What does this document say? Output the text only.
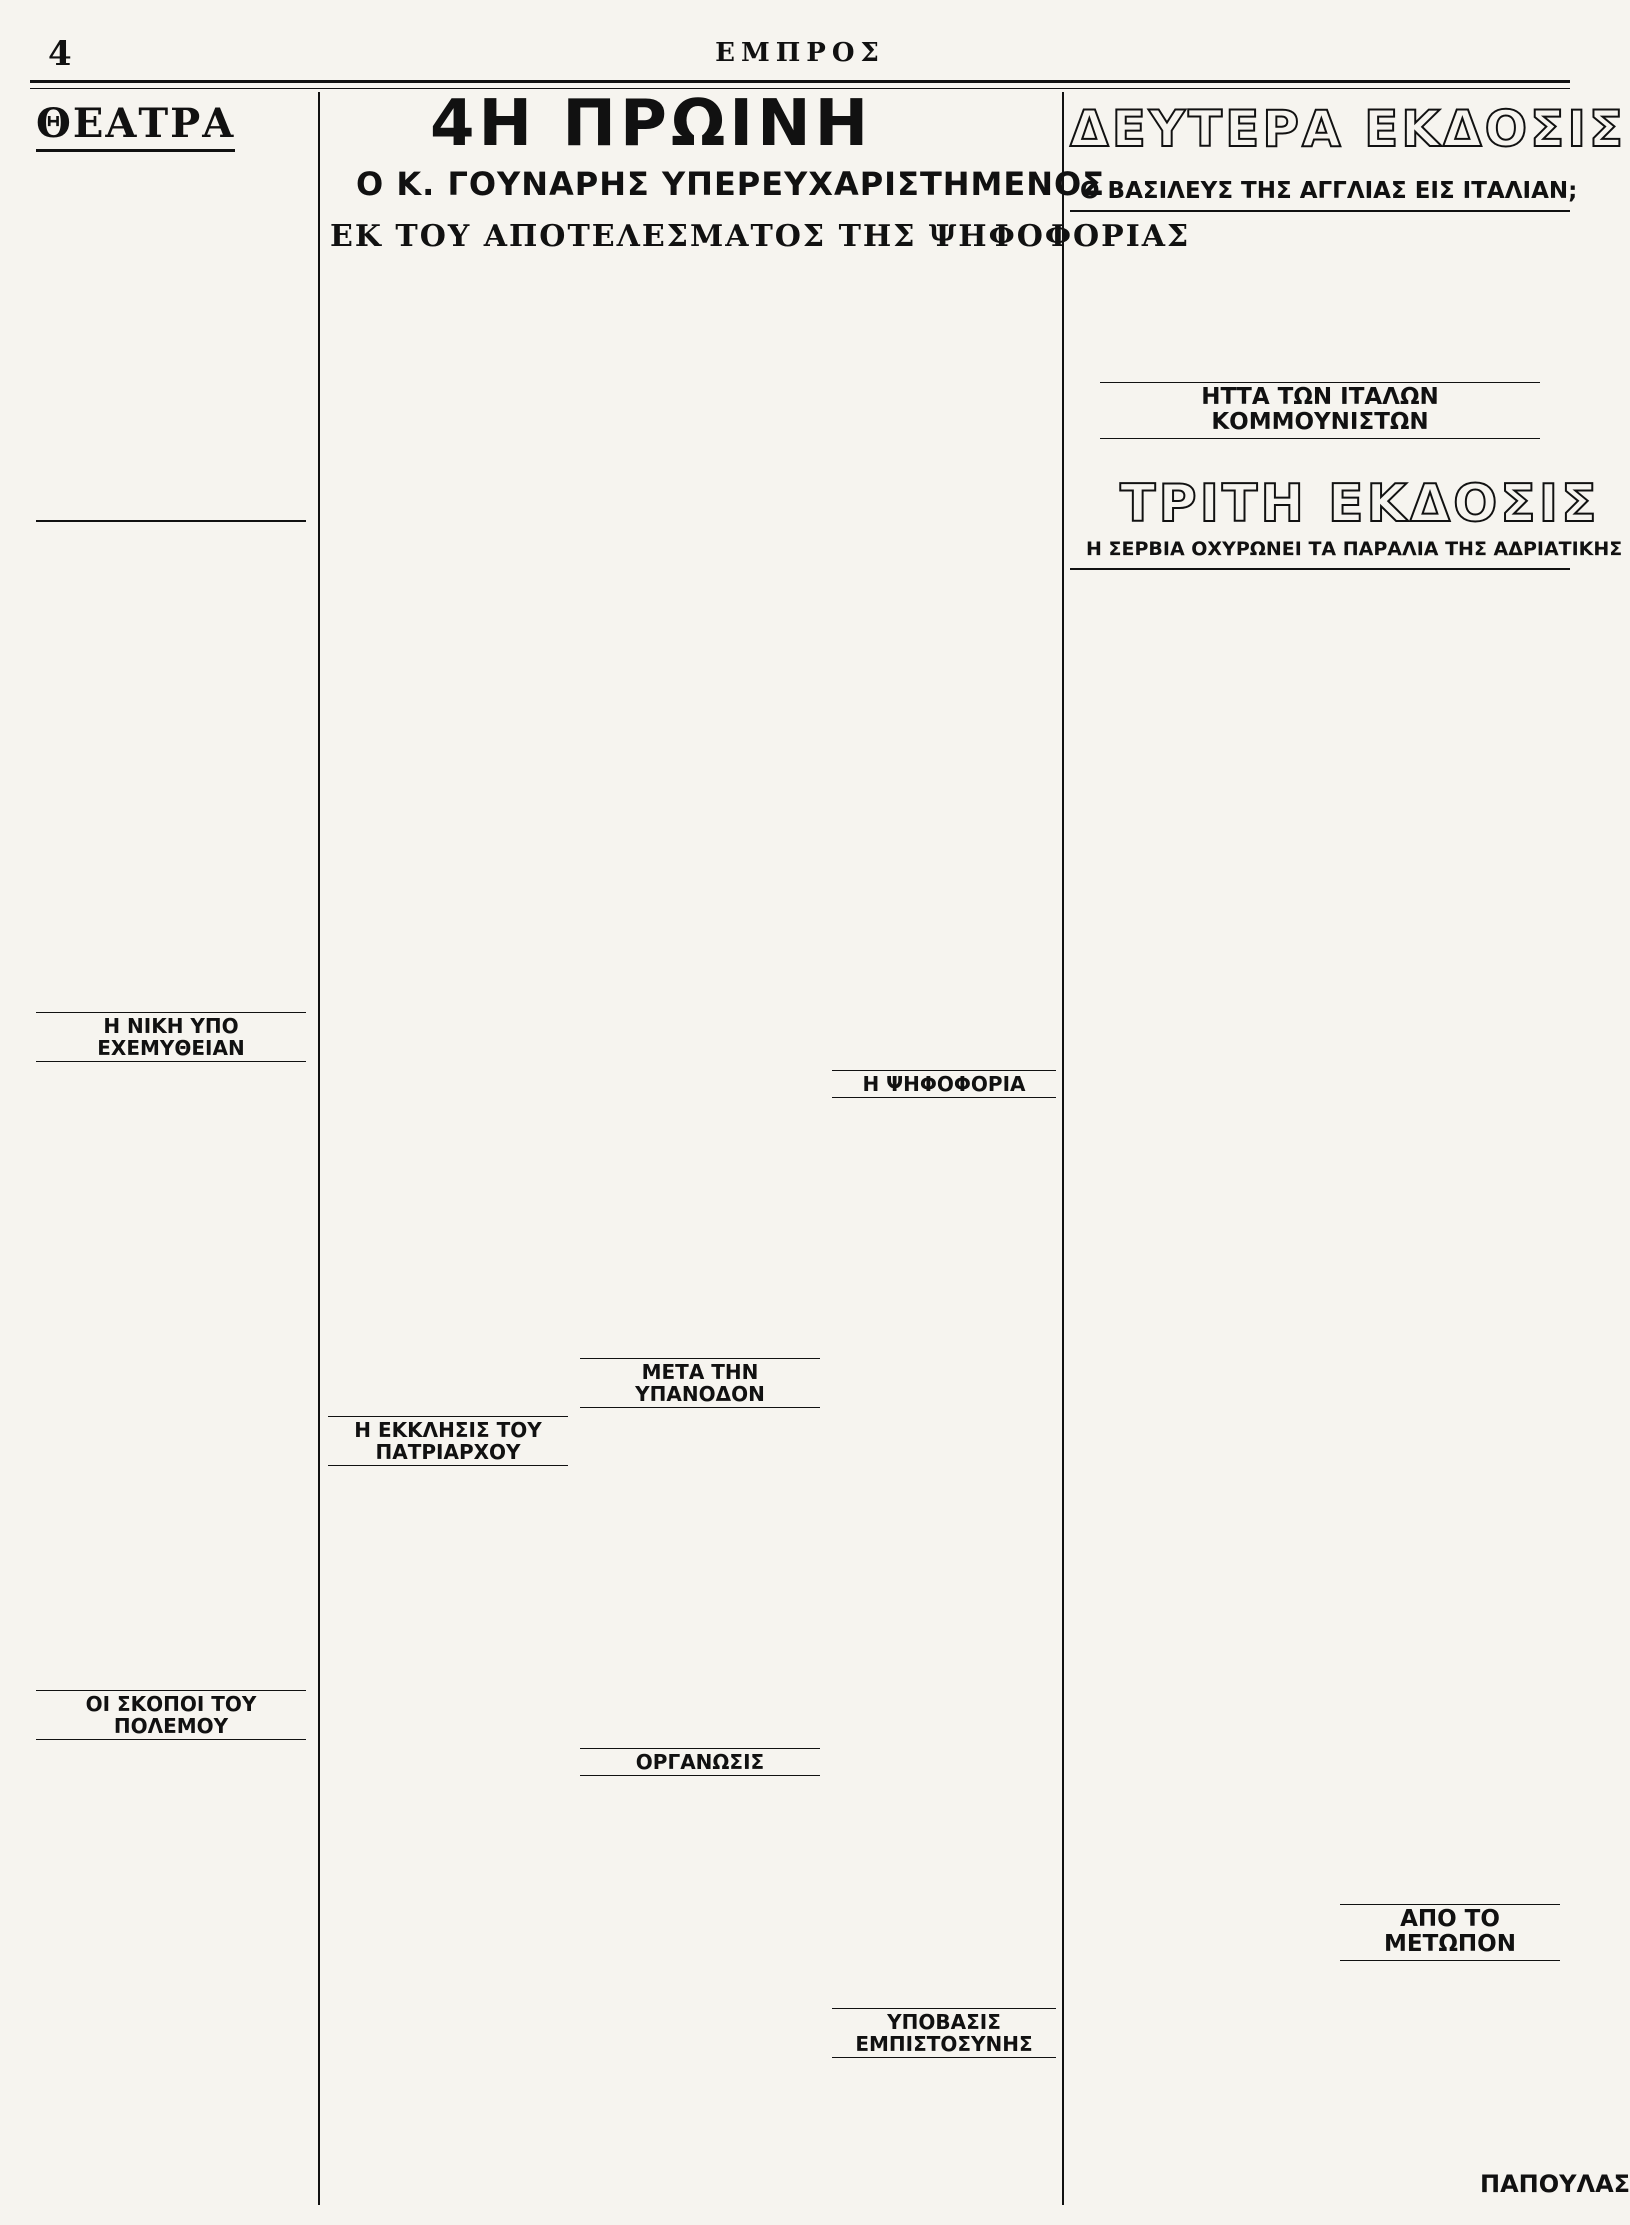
4	ΕΜΠΡΟΣ
ΘΕΑΤΡΑ	4Η ΠΡΩΙΝΗ
Ο Κ. ΓΟΥΝΑΡΗΣ ΥΠΕΡΕΥΧΑΡΙΣΤΗΜΕΝΟΣ
ΕΚ ΤΟΥ ΑΠΟΤΕΛΕΣΜΑΤΟΣ ΤΗΣ ΨΗΦΟΦΟΡΙΑΣ
Η ΝΙΚΗ ΥΠΟ ΕΧΕΜΥΘΕΙΑΝ
ΟΙ ΣΚΟΠΟΙ ΤΟΥ ΠΟΛΕΜΟΥ
Η ΕΚΚΛΗΣΙΣ ΤΟΥ ΠΑΤΡΙΑΡΧΟΥ
ΜΕΤΑ ΤΗΝ ΥΠΑΝΟΔΟΝ
ΟΡΓΑΝΩΣΙΣ
Η ΨΗΦΟΦΟΡΙΑ
ΥΠΟΒΑΣΙΣ ΕΜΠΙΣΤΟΣΥΝΗΣ
ΔΕΥΤΕΡΑ ΕΚΔΟΣΙΣ
Ο ΒΑΣΙΛΕΥΣ ΤΗΣ ΑΓΓΛΙΑΣ ΕΙΣ ΙΤΑΛΙΑΝ;
ΗΤΤΑ ΤΩΝ ΙΤΑΛΩΝ ΚΟΜΜΟΥΝΙΣΤΩΝ
ΤΡΙΤΗ ΕΚΔΟΣΙΣ
Η ΣΕΡΒΙΑ ΟΧΥΡΩΝΕΙ ΤΑ ΠΑΡΑΛΙΑ ΤΗΣ ΑΔΡΙΑΤΙΚΗΣ
ΑΠΟ ΤΟ ΜΕΤΩΠΟΝ
ΠΑΠΟΥΛΑΣ
